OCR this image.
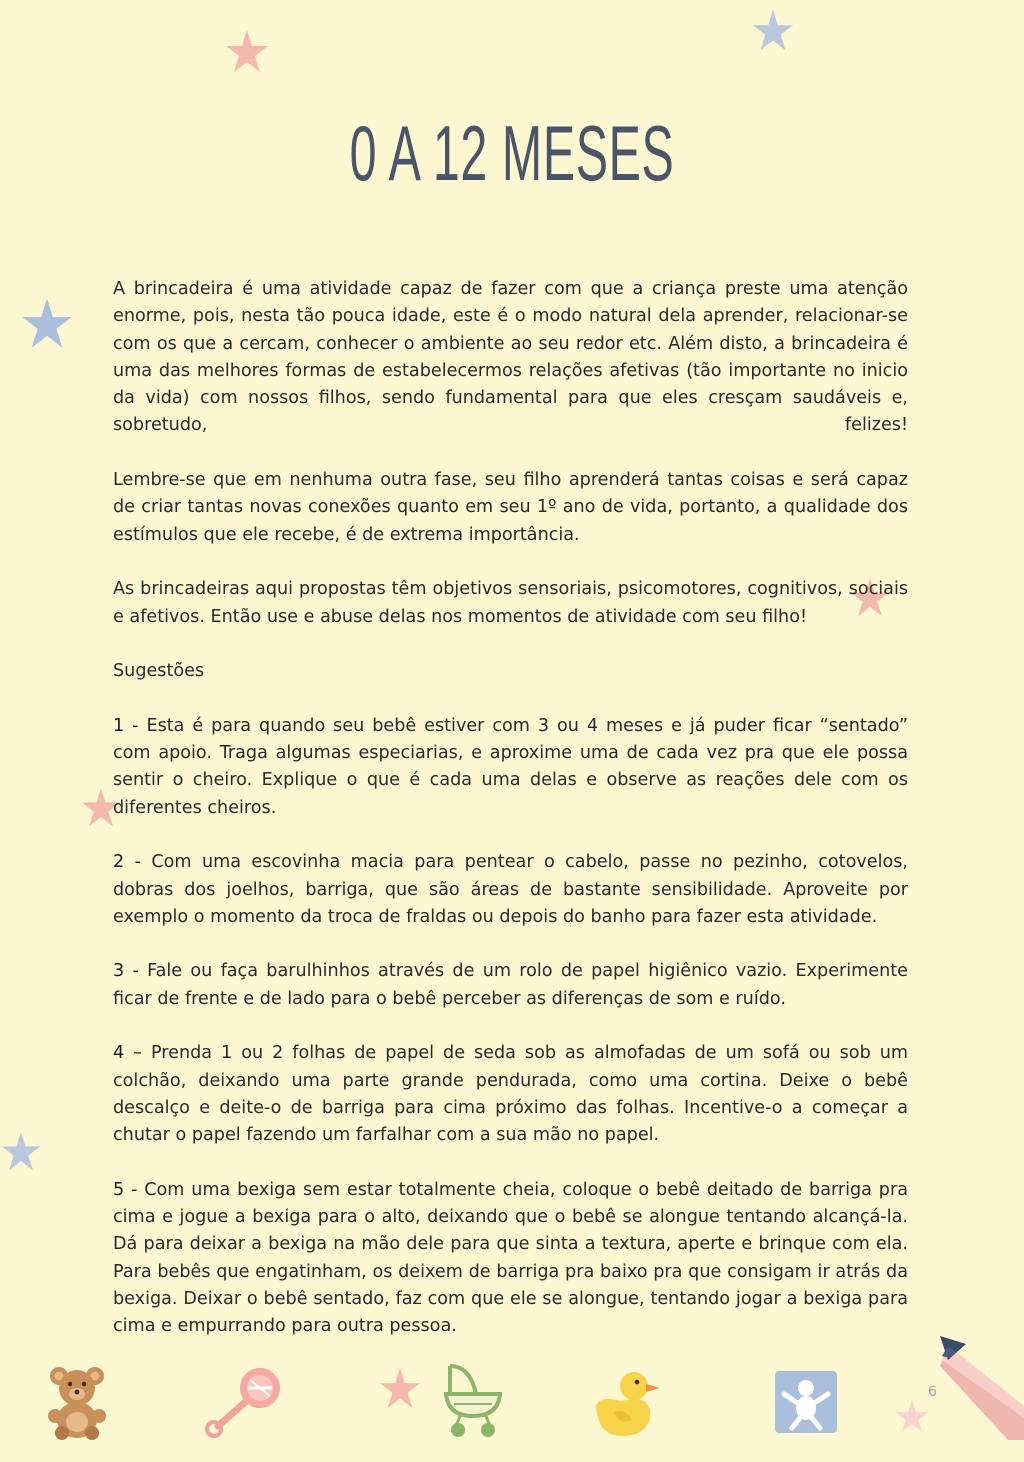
0 A 12 MESES

A brincadeira é uma atividade capaz de fazer com que a criança preste uma atenção enorme, pois, nesta tão pouca idade, este é o modo natural dela aprender, relacionar-se com os que a cercam, conhecer o ambiente ao seu redor etc. Além disto, a brincadeira é uma das melhores formas de estabelecermos relações afetivas (tão importante no inicio da vida) com nossos filhos, sendo fundamental para que eles cresçam saudáveis e, sobretudo, felizes!

Lembre-se que em nenhuma outra fase, seu filho aprenderá tantas coisas e será capaz de criar tantas novas conexões quanto em seu 1º ano de vida, portanto, a qualidade dos estímulos que ele recebe, é de extrema importância.

As brincadeiras aqui propostas têm objetivos sensoriais, psicomotores, cognitivos, sociais e afetivos. Então use e abuse delas nos momentos de atividade com seu filho!

Sugestões

1 - Esta é para quando seu bebê estiver com 3 ou 4 meses e já puder ficar “sentado” com apoio. Traga algumas especiarias, e aproxime uma de cada vez pra que ele possa sentir o cheiro. Explique o que é cada uma delas e observe as reações dele com os diferentes cheiros.

2 - Com uma escovinha macia para pentear o cabelo, passe no pezinho, cotovelos, dobras dos joelhos, barriga, que são áreas de bastante sensibilidade. Aproveite por exemplo o momento da troca de fraldas ou depois do banho para fazer esta atividade.

3 - Fale ou faça barulhinhos através de um rolo de papel higiênico vazio. Experimente ficar de frente e de lado para o bebê perceber as diferenças de som e ruído.

4 – Prenda 1 ou 2 folhas de papel de seda sob as almofadas de um sofá ou sob um colchão, deixando uma parte grande pendurada, como uma cortina. Deixe o bebê descalço e deite-o de barriga para cima próximo das folhas. Incentive-o a começar a chutar o papel fazendo um farfalhar com a sua mão no papel.

5 - Com uma bexiga sem estar totalmente cheia, coloque o bebê deitado de barriga pra cima e jogue a bexiga para o alto, deixando que o bebê se alongue tentando alcançá-la. Dá para deixar a bexiga na mão dele para que sinta a textura, aperte e brinque com ela. Para bebês que engatinham, os deixem de barriga pra baixo pra que consigam ir atrás da bexiga. Deixar o bebê sentado, faz com que ele se alongue, tentando jogar a bexiga para cima e empurrando para outra pessoa.

6
